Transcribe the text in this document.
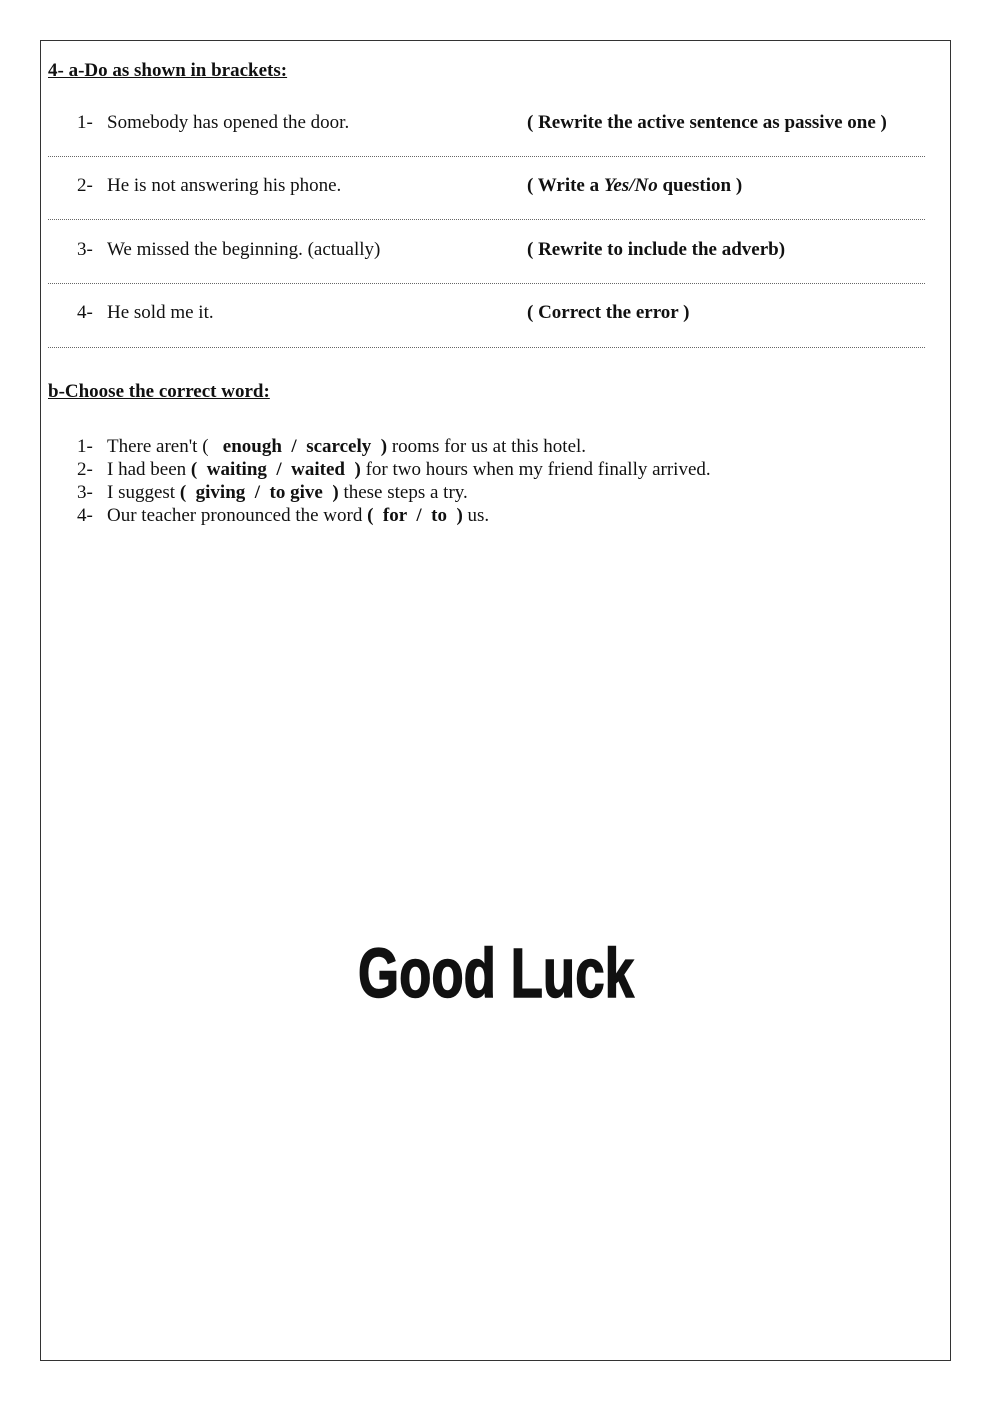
4- a-Do as shown in brackets:
1- Somebody has opened the door.	( Rewrite the active sentence as passive one )
2- He is not answering his phone.	( Write a Yes/No question )
3- We missed the beginning. (actually)	( Rewrite to include the adverb)
4- He sold me it.	( Correct the error )
b-Choose the correct word:
1- There aren't (   enough  /  scarcely  ) rooms for us at this hotel.
2- I had been (  waiting  /  waited  ) for two hours when my friend finally arrived.
3- I suggest (  giving  /  to give  ) these steps a try.
4- Our teacher pronounced the word (  for  /  to  ) us.
Good Luck
